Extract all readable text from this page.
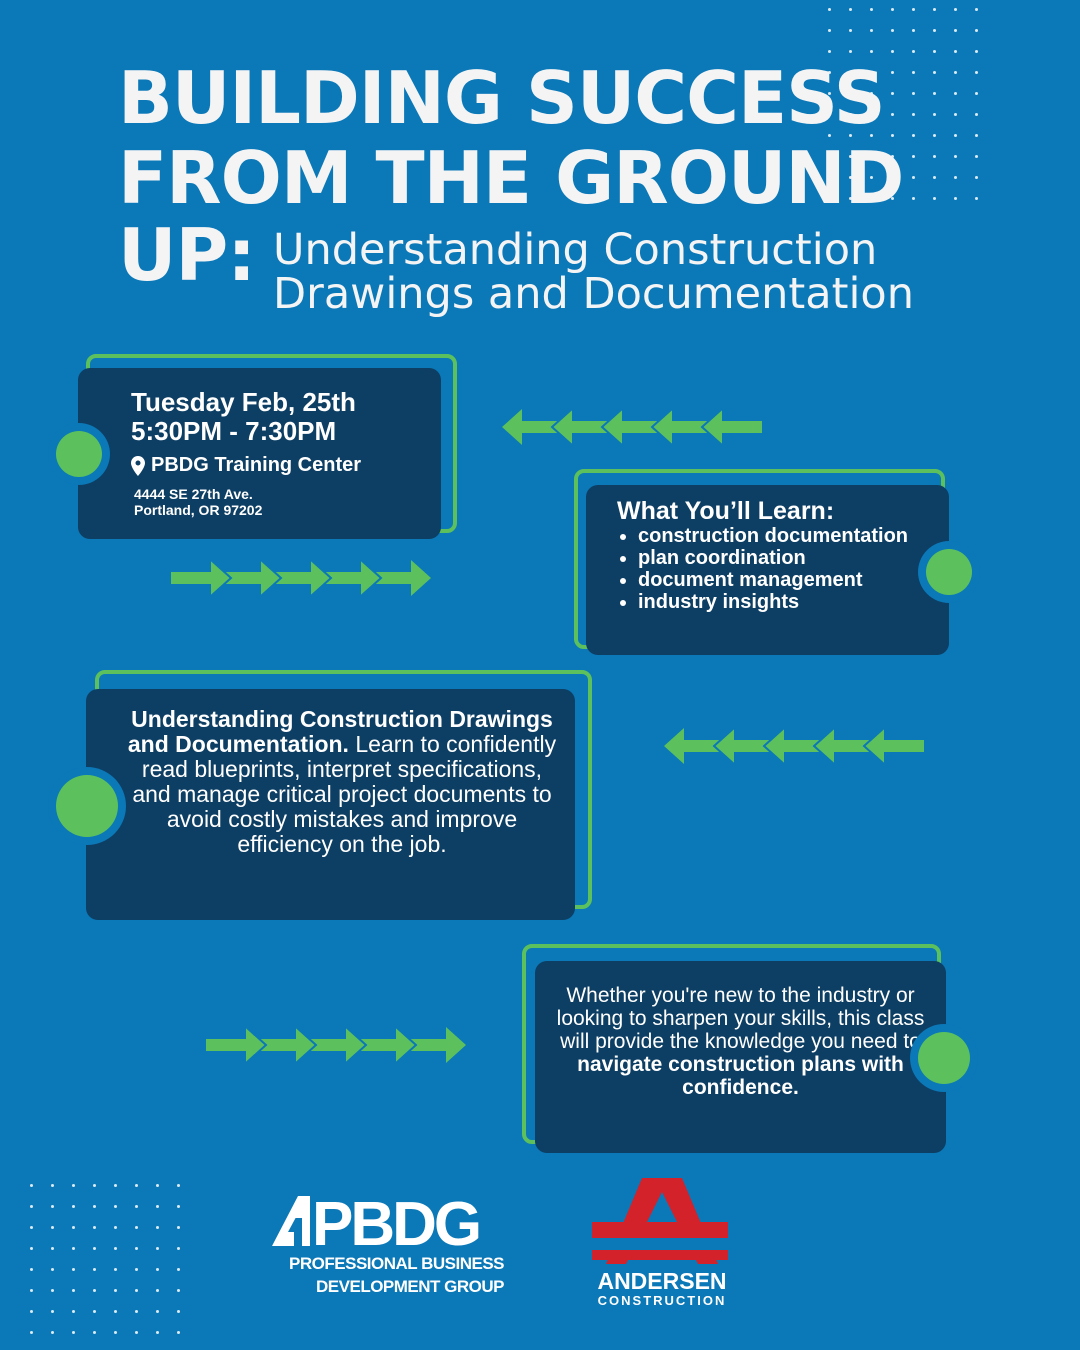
BUILDING SUCCESS
FROM THE GROUND
UP: Understanding Construction
Drawings and Documentation
Tuesday Feb, 25th
5:30PM - 7:30PM
PBDG Training Center
4444 SE 27th Ave.
Portland, OR 97202	What You’ll Learn:
• construction documentation
• plan coordination
• document management
• industry insights
Understanding Construction Drawings and Documentation. Learn to confidently read blueprints, interpret specifications, and manage critical project documents to avoid costly mistakes and improve efficiency on the job.
Whether you're new to the industry or looking to sharpen your skills, this class will provide the knowledge you need to navigate construction plans with confidence.
PBDG
PROFESSIONAL BUSINESS
DEVELOPMENT GROUP	ANDERSEN
CONSTRUCTION
